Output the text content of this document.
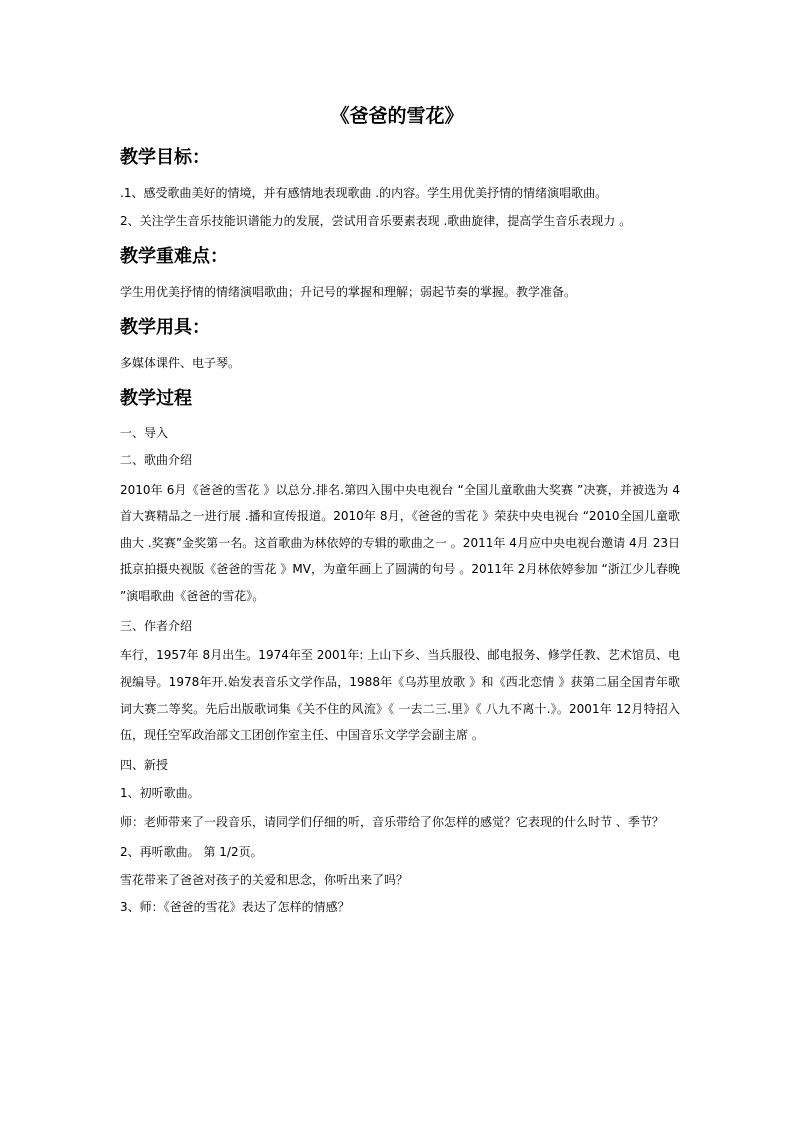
《爸爸的雪花》
教学目标：

.1、感受歌曲美好的情境，并有感情地表现歌曲 .的内容。学生用优美抒情的情绪演唱歌曲。

2、关注学生音乐技能识谱能力的发展，尝试用音乐要素表现 .歌曲旋律，提高学生音乐表现力 。

教学重难点：

学生用优美抒情的情绪演唱歌曲；升记号的掌握和理解；弱起节奏的掌握。教学准备。

教学用具：

多媒体课件、电子琴。

教学过程

一、导入

二、歌曲介绍

2010年 6月《爸爸的雪花 》以总分.排名.第四入围中央电视台 “全国儿童歌曲大奖赛 ”决赛，并被选为 4首大赛精品之一进行展 .播和宣传报道。2010年 8月，《爸爸的雪花 》荣获中央电视台 “2010全国儿童歌曲大 .奖赛”金奖第一名。这首歌曲为林依婷的专辑的歌曲之一 。2011年 4月应中央电视台邀请 4月 23日抵京拍摄央视版《爸爸的雪花 》MV，为童年画上了圆满的句号 。2011年 2月林依婷参加 “浙江少儿春晚 ”演唱歌曲《爸爸的雪花》。

三、作者介绍

车行，1957年 8月出生。1974年至 2001年: 上山下乡、当兵服役、邮电报务、修学任教、艺术馆员、电视编导。1978年开.始发表音乐文学作品，1988年《乌苏里放歌 》和《西北恋情 》获第二届全国青年歌词大赛二等奖。先后出版歌词集《关不住的风流》《 一去二三.里》《 八九不离十.》。2001年 12月特招入伍，现任空军政治部文工团创作室主任、中国音乐文学学会副主席 。

四、新授

1、初听歌曲。

师：老师带来了一段音乐，请同学们仔细的听，音乐带给了你怎样的感觉？它表现的什么时节 、季节？

2、再听歌曲。 第 1/2页。

雪花带来了爸爸对孩子的关爱和思念，你听出来了吗？

3、师：《爸爸的雪花》表达了怎样的情感？
